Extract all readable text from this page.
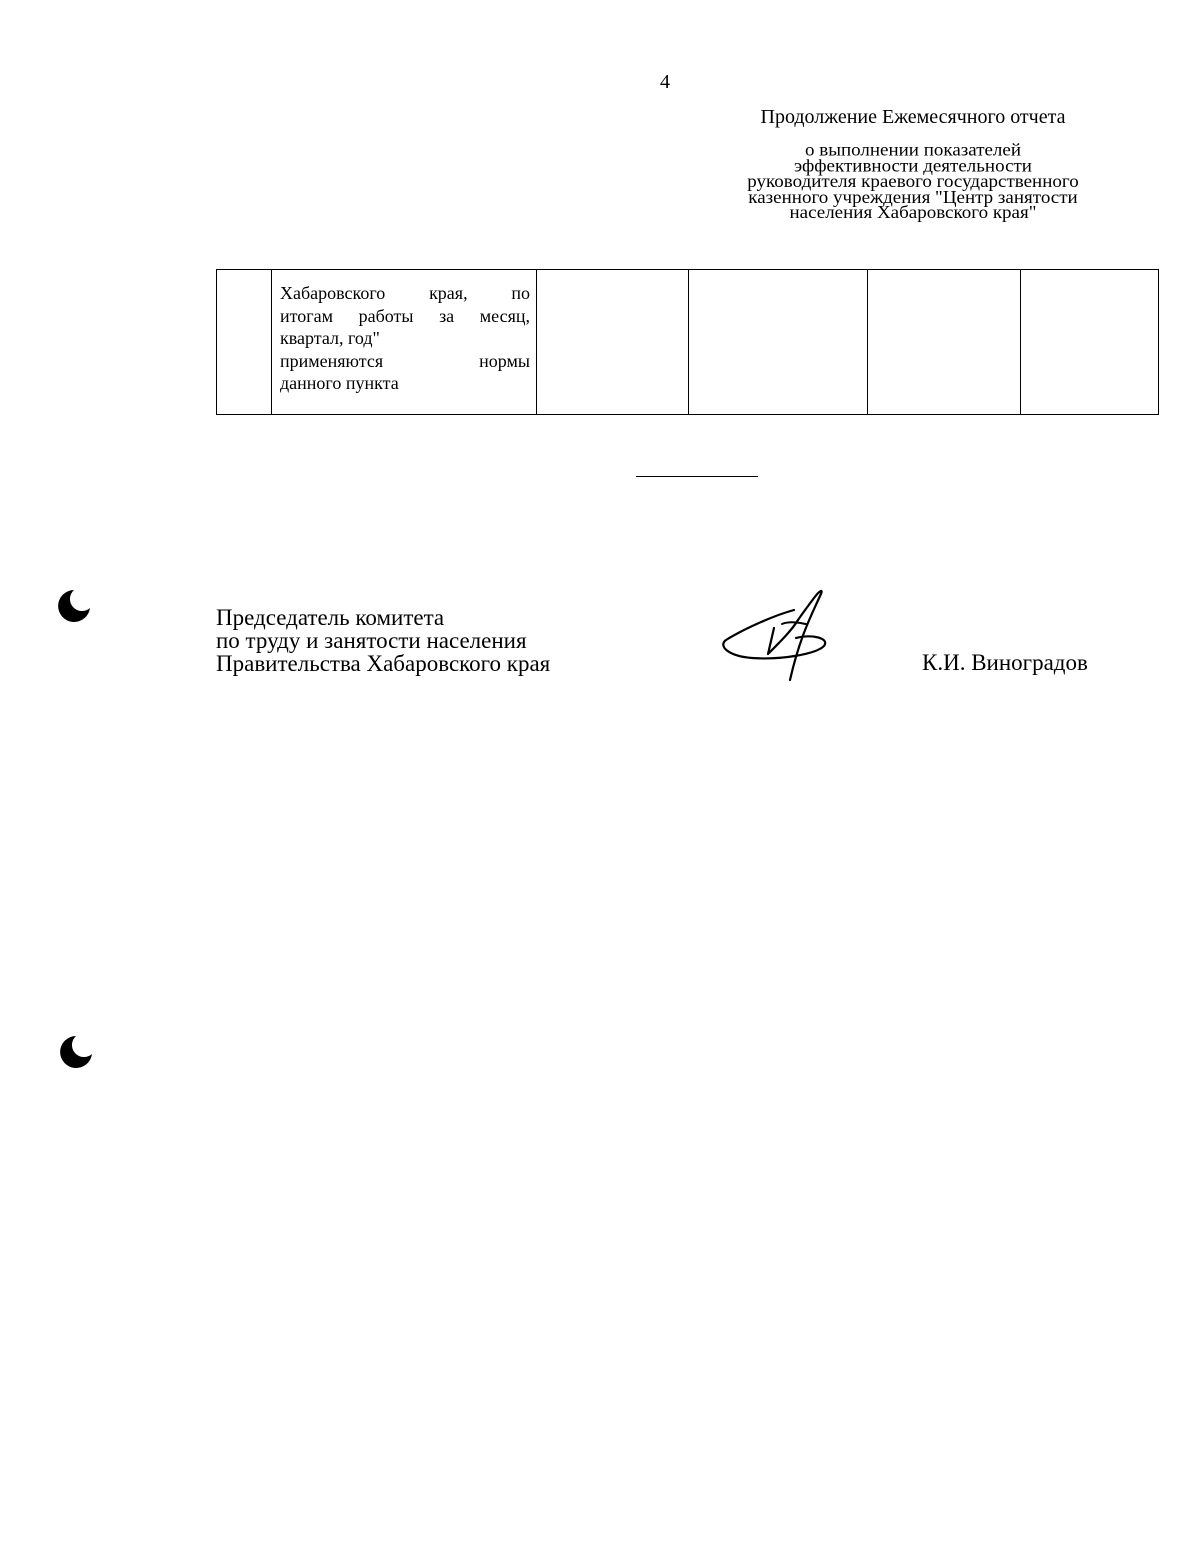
4
Продолжение Ежемесячного отчета
о выполнении показателей
эффективности деятельности
руководителя краевого государственного
казенного учреждения "Центр занятости
населения Хабаровского края"

Хабаровского края, по
итогам работы за месяц,
квартал, год"
применяются	нормы
данного пункта

Председатель комитета
по труду и занятости населения
Правительства Хабаровского края	К.И. Виноградов
